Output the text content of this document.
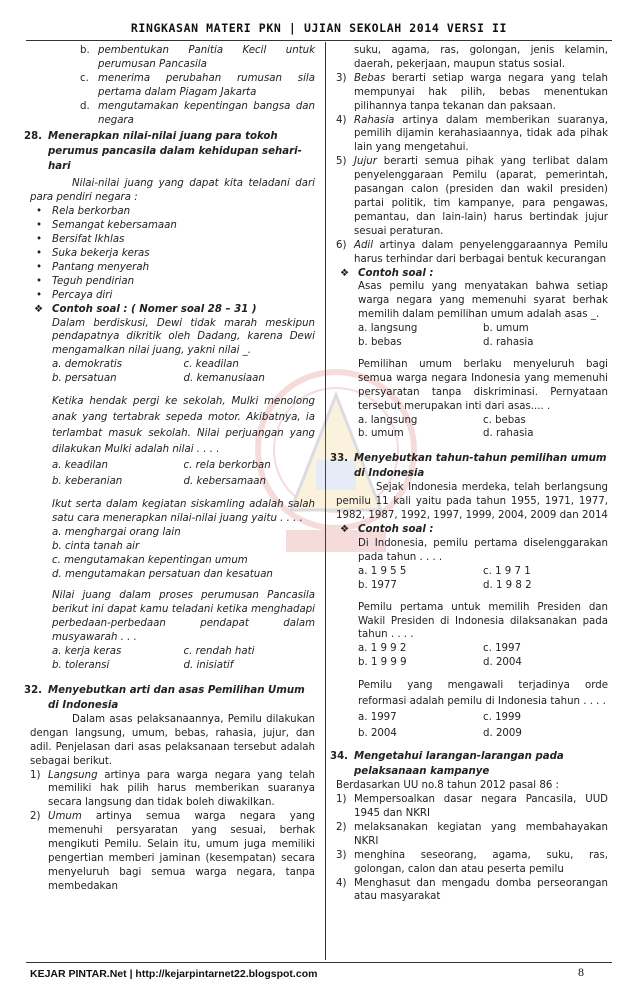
RINGKASAN MATERI PKN | UJIAN SEKOLAH 2014 VERSI II
b. pembentukan Panitia Kecil untuk perumusan Pancasila
c. menerima perubahan rumusan sila pertama dalam Piagam Jakarta
d. mengutamakan kepentingan bangsa dan negara
28. Menerapkan nilai-nilai juang para tokoh perumus pancasila dalam kehidupan sehari-hari
Nilai-nilai juang yang dapat kita teladani dari para pendiri negara :
• Rela berkorban
• Semangat kebersamaan
• Bersifat Ikhlas
• Suka bekerja keras
• Pantang menyerah
• Teguh pendirian
• Percaya diri
❖ Contoh soal : ( Nomer soal 28 – 31 )
Dalam berdiskusi, Dewi tidak marah meskipun pendapatnya dikritik oleh Dadang, karena Dewi mengamalkan nilai juang, yakni nilai _.
a. demokratis	c. keadilan
b. persatuan	d. kemanusiaan
Ketika hendak pergi ke sekolah, Mulki menolong anak yang tertabrak sepeda motor. Akibatnya, ia terlambat masuk sekolah. Nilai perjuangan yang dilakukan Mulki adalah nilai . . . .
a. keadilan	c. rela berkorban
b. keberanian	d. kebersamaan
Ikut serta dalam kegiatan siskamling adalah salah satu cara menerapkan nilai-nilai juang yaitu . . . .
a. menghargai orang lain
b. cinta tanah air
c. mengutamakan kepentingan umum
d. mengutamakan persatuan dan kesatuan
Nilai juang dalam proses perumusan Pancasila berikut ini dapat kamu teladani ketika menghadapi perbedaan-perbedaan pendapat dalam musyawarah . . .
a. kerja keras	c. rendah hati
b. toleransi	d. inisiatif
32. Menyebutkan arti dan asas Pemilihan Umum di Indonesia
Dalam asas pelaksanaannya, Pemilu dilakukan dengan langsung, umum, bebas, rahasia, jujur, dan adil. Penjelasan dari asas pelaksanaan tersebut adalah sebagai berikut.
1) Langsung artinya para warga negara yang telah memiliki hak pilih harus memberikan suaranya secara langsung dan tidak boleh diwakilkan.
2) Umum artinya semua warga negara yang memenuhi persyaratan yang sesuai, berhak mengikuti Pemilu. Selain itu, umum juga memiliki pengertian memberi jaminan (kesempatan) secara menyeluruh bagi semua warga negara, tanpa membedakan
suku, agama, ras, golongan, jenis kelamin, daerah, pekerjaan, maupun status sosial.
3) Bebas berarti setiap warga negara yang telah mempunyai hak pilih, bebas menentukan pilihannya tanpa tekanan dan paksaan.
4) Rahasia artinya dalam memberikan suaranya, pemilih dijamin kerahasiaannya, tidak ada pihak lain yang mengetahui.
5) Jujur berarti semua pihak yang terlibat dalam penyelenggaraan Pemilu (aparat, pemerintah, pasangan calon (presiden dan wakil presiden) partai politik, tim kampanye, para pengawas, pemantau, dan lain-lain) harus bertindak jujur sesuai peraturan.
6) Adil artinya dalam penyelenggaraannya Pemilu harus terhindar dari berbagai bentuk kecurangan
❖ Contoh soal :
Asas pemilu yang menyatakan bahwa setiap warga negara yang memenuhi syarat berhak memilih dalam pemilihan umum adalah asas _.
a. langsung	b. umum
b. bebas	d. rahasia
Pemilihan umum berlaku menyeluruh bagi semua warga negara Indonesia yang memenuhi persyaratan tanpa diskriminasi. Pernyataan tersebut merupakan inti dari asas.... .
a. langsung	c. bebas
b. umum	d. rahasia
33. Menyebutkan tahun-tahun pemilihan umum di Indonesia
Sejak Indonesia merdeka, telah berlangsung pemilu 11 kali yaitu pada tahun 1955, 1971, 1977, 1982, 1987, 1992, 1997, 1999, 2004, 2009 dan 2014
❖ Contoh soal :
Di Indonesia, pemilu pertama diselenggarakan pada tahun . . . .
a. 1 9 5 5	c. 1 9 7 1
b. 1977	d. 1 9 8 2
Pemilu pertama untuk memilih Presiden dan Wakil Presiden di Indonesia dilaksanakan pada tahun . . . .
a. 1 9 9 2	c. 1997
b. 1 9 9 9	d. 2004
Pemilu yang mengawali terjadinya orde reformasi adalah pemilu di Indonesia tahun . . . .
a. 1997	c. 1999
b. 2004	d. 2009
34. Mengetahui larangan-larangan pada pelaksanaan kampanye
Berdasarkan UU no.8 tahun 2012 pasal 86 :
1) Mempersoalkan dasar negara Pancasila, UUD 1945 dan NKRI
2) melaksanakan kegiatan yang membahayakan NKRI
3) menghina seseorang, agama, suku, ras, golongan, calon dan atau peserta pemilu
4) Menghasut dan mengadu domba perseorangan atau masyarakat
KEJAR PINTAR.Net | http://kejarpintarnet22.blogspot.com	8
